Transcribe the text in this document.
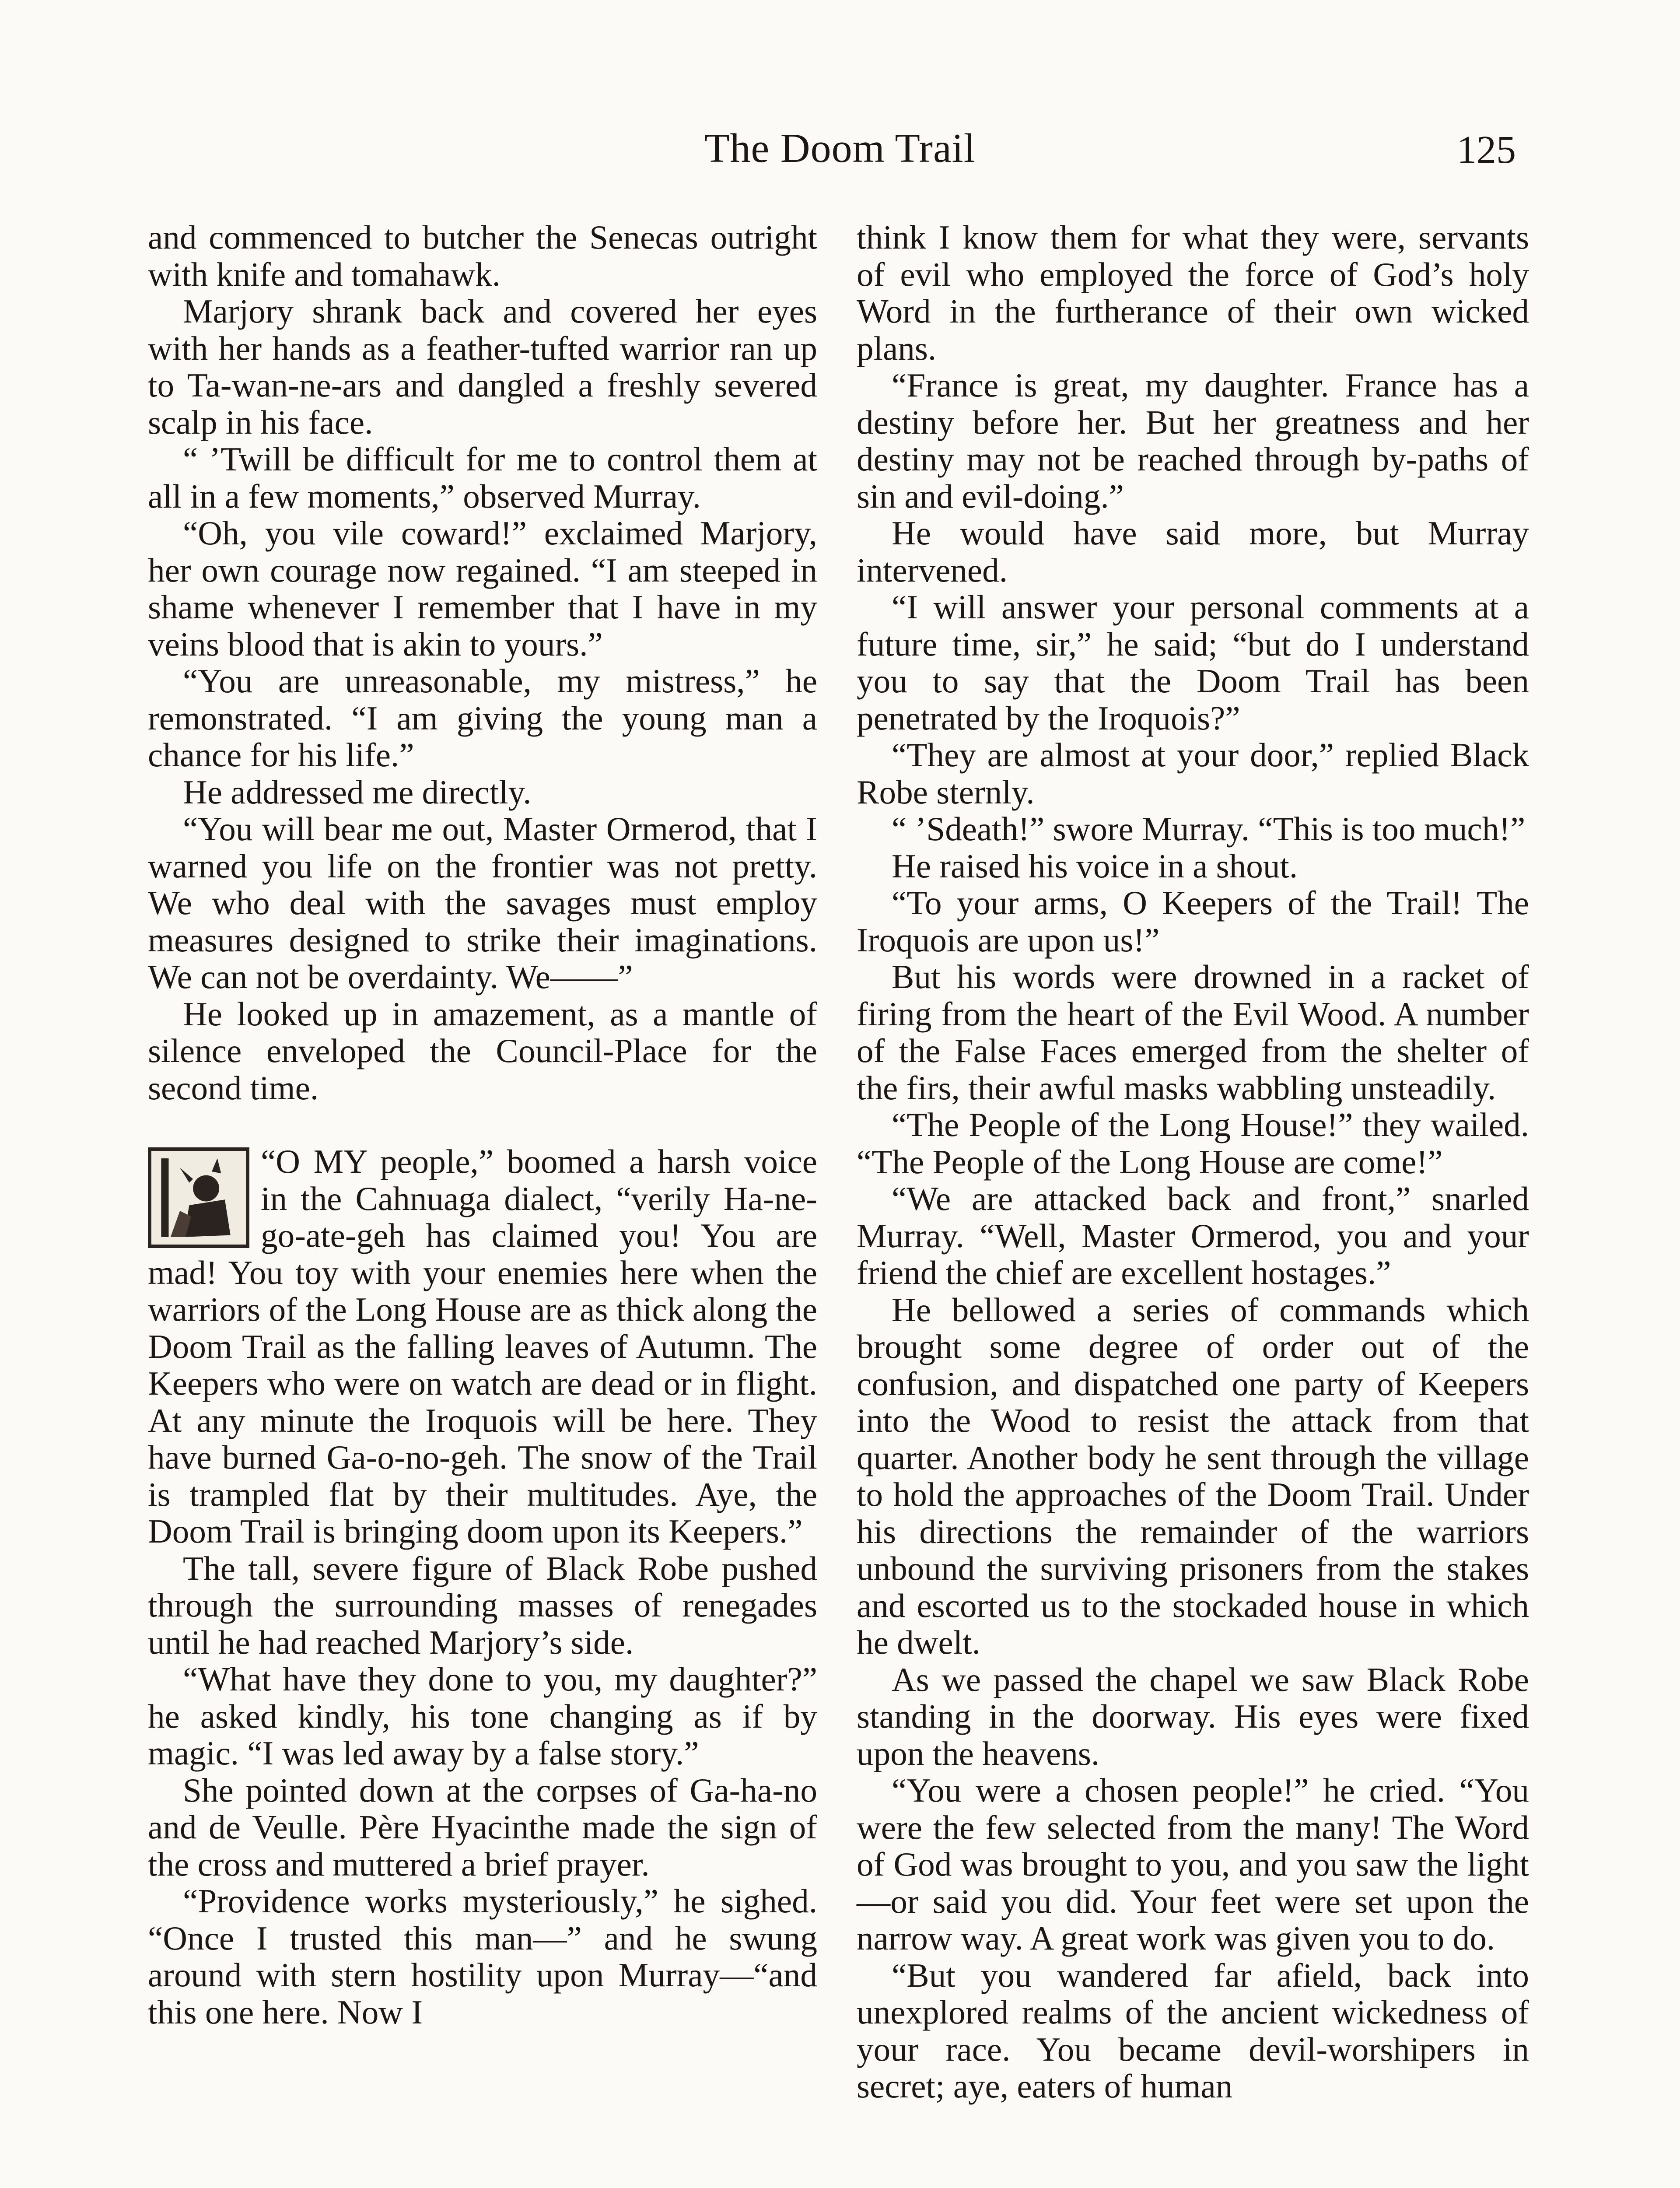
The Doom Trail	125

and commenced to butcher the Senecas outright with knife and tomahawk.

Marjory shrank back and covered her eyes with her hands as a feather-tufted warrior ran up to Ta-wan-ne-ars and dangled a freshly severed scalp in his face.

“ ’Twill be difficult for me to control them at all in a few moments,” observed Murray.

“Oh, you vile coward!” exclaimed Marjory, her own courage now regained. “I am steeped in shame whenever I remember that I have in my veins blood that is akin to yours.”

“You are unreasonable, my mistress,” he remonstrated. “I am giving the young man a chance for his life.”

He addressed me directly.

“You will bear me out, Master Ormerod, that I warned you life on the frontier was not pretty. We who deal with the savages must employ measures designed to strike their imaginations. We can not be overdainty. We——”

He looked up in amazement, as a mantle of silence enveloped the Council-Place for the second time.

“O MY people,” boomed a harsh voice in the Cahnuaga dialect, “verily Ha-ne-go-ate-geh has claimed you! You are mad! You toy with your enemies here when the warriors of the Long House are as thick along the Doom Trail as the falling leaves of Autumn. The Keepers who were on watch are dead or in flight. At any minute the Iroquois will be here. They have burned Ga-o-no-geh. The snow of the Trail is trampled flat by their multitudes. Aye, the Doom Trail is bringing doom upon its Keepers.”

The tall, severe figure of Black Robe pushed through the surrounding masses of renegades until he had reached Marjory’s side.

“What have they done to you, my daughter?” he asked kindly, his tone changing as if by magic. “I was led away by a false story.”

She pointed down at the corpses of Ga-ha-no and de Veulle. Père Hyacinthe made the sign of the cross and muttered a brief prayer.

“Providence works mysteriously,” he sighed. “Once I trusted this man—” and he swung around with stern hostility upon Murray—“and this one here. Now I

think I know them for what they were, servants of evil who employed the force of God’s holy Word in the furtherance of their own wicked plans.

“France is great, my daughter. France has a destiny before her. But her greatness and her destiny may not be reached through by-paths of sin and evil-doing.”

He would have said more, but Murray intervened.

“I will answer your personal comments at a future time, sir,” he said; “but do I understand you to say that the Doom Trail has been penetrated by the Iroquois?”

“They are almost at your door,” replied Black Robe sternly.

“ ’Sdeath!” swore Murray. “This is too much!”

He raised his voice in a shout.

“To your arms, O Keepers of the Trail! The Iroquois are upon us!”

But his words were drowned in a racket of firing from the heart of the Evil Wood. A number of the False Faces emerged from the shelter of the firs, their awful masks wabbling unsteadily.

“The People of the Long House!” they wailed. “The People of the Long House are come!”

“We are attacked back and front,” snarled Murray. “Well, Master Ormerod, you and your friend the chief are excellent hostages.”

He bellowed a series of commands which brought some degree of order out of the confusion, and dispatched one party of Keepers into the Wood to resist the attack from that quarter. Another body he sent through the village to hold the approaches of the Doom Trail. Under his directions the remainder of the warriors unbound the surviving prisoners from the stakes and escorted us to the stockaded house in which he dwelt.

As we passed the chapel we saw Black Robe standing in the doorway. His eyes were fixed upon the heavens.

“You were a chosen people!” he cried. “You were the few selected from the many! The Word of God was brought to you, and you saw the light—or said you did. Your feet were set upon the narrow way. A great work was given you to do.

“But you wandered far afield, back into unexplored realms of the ancient wickedness of your race. You became devil-worshipers in secret; aye, eaters of human
